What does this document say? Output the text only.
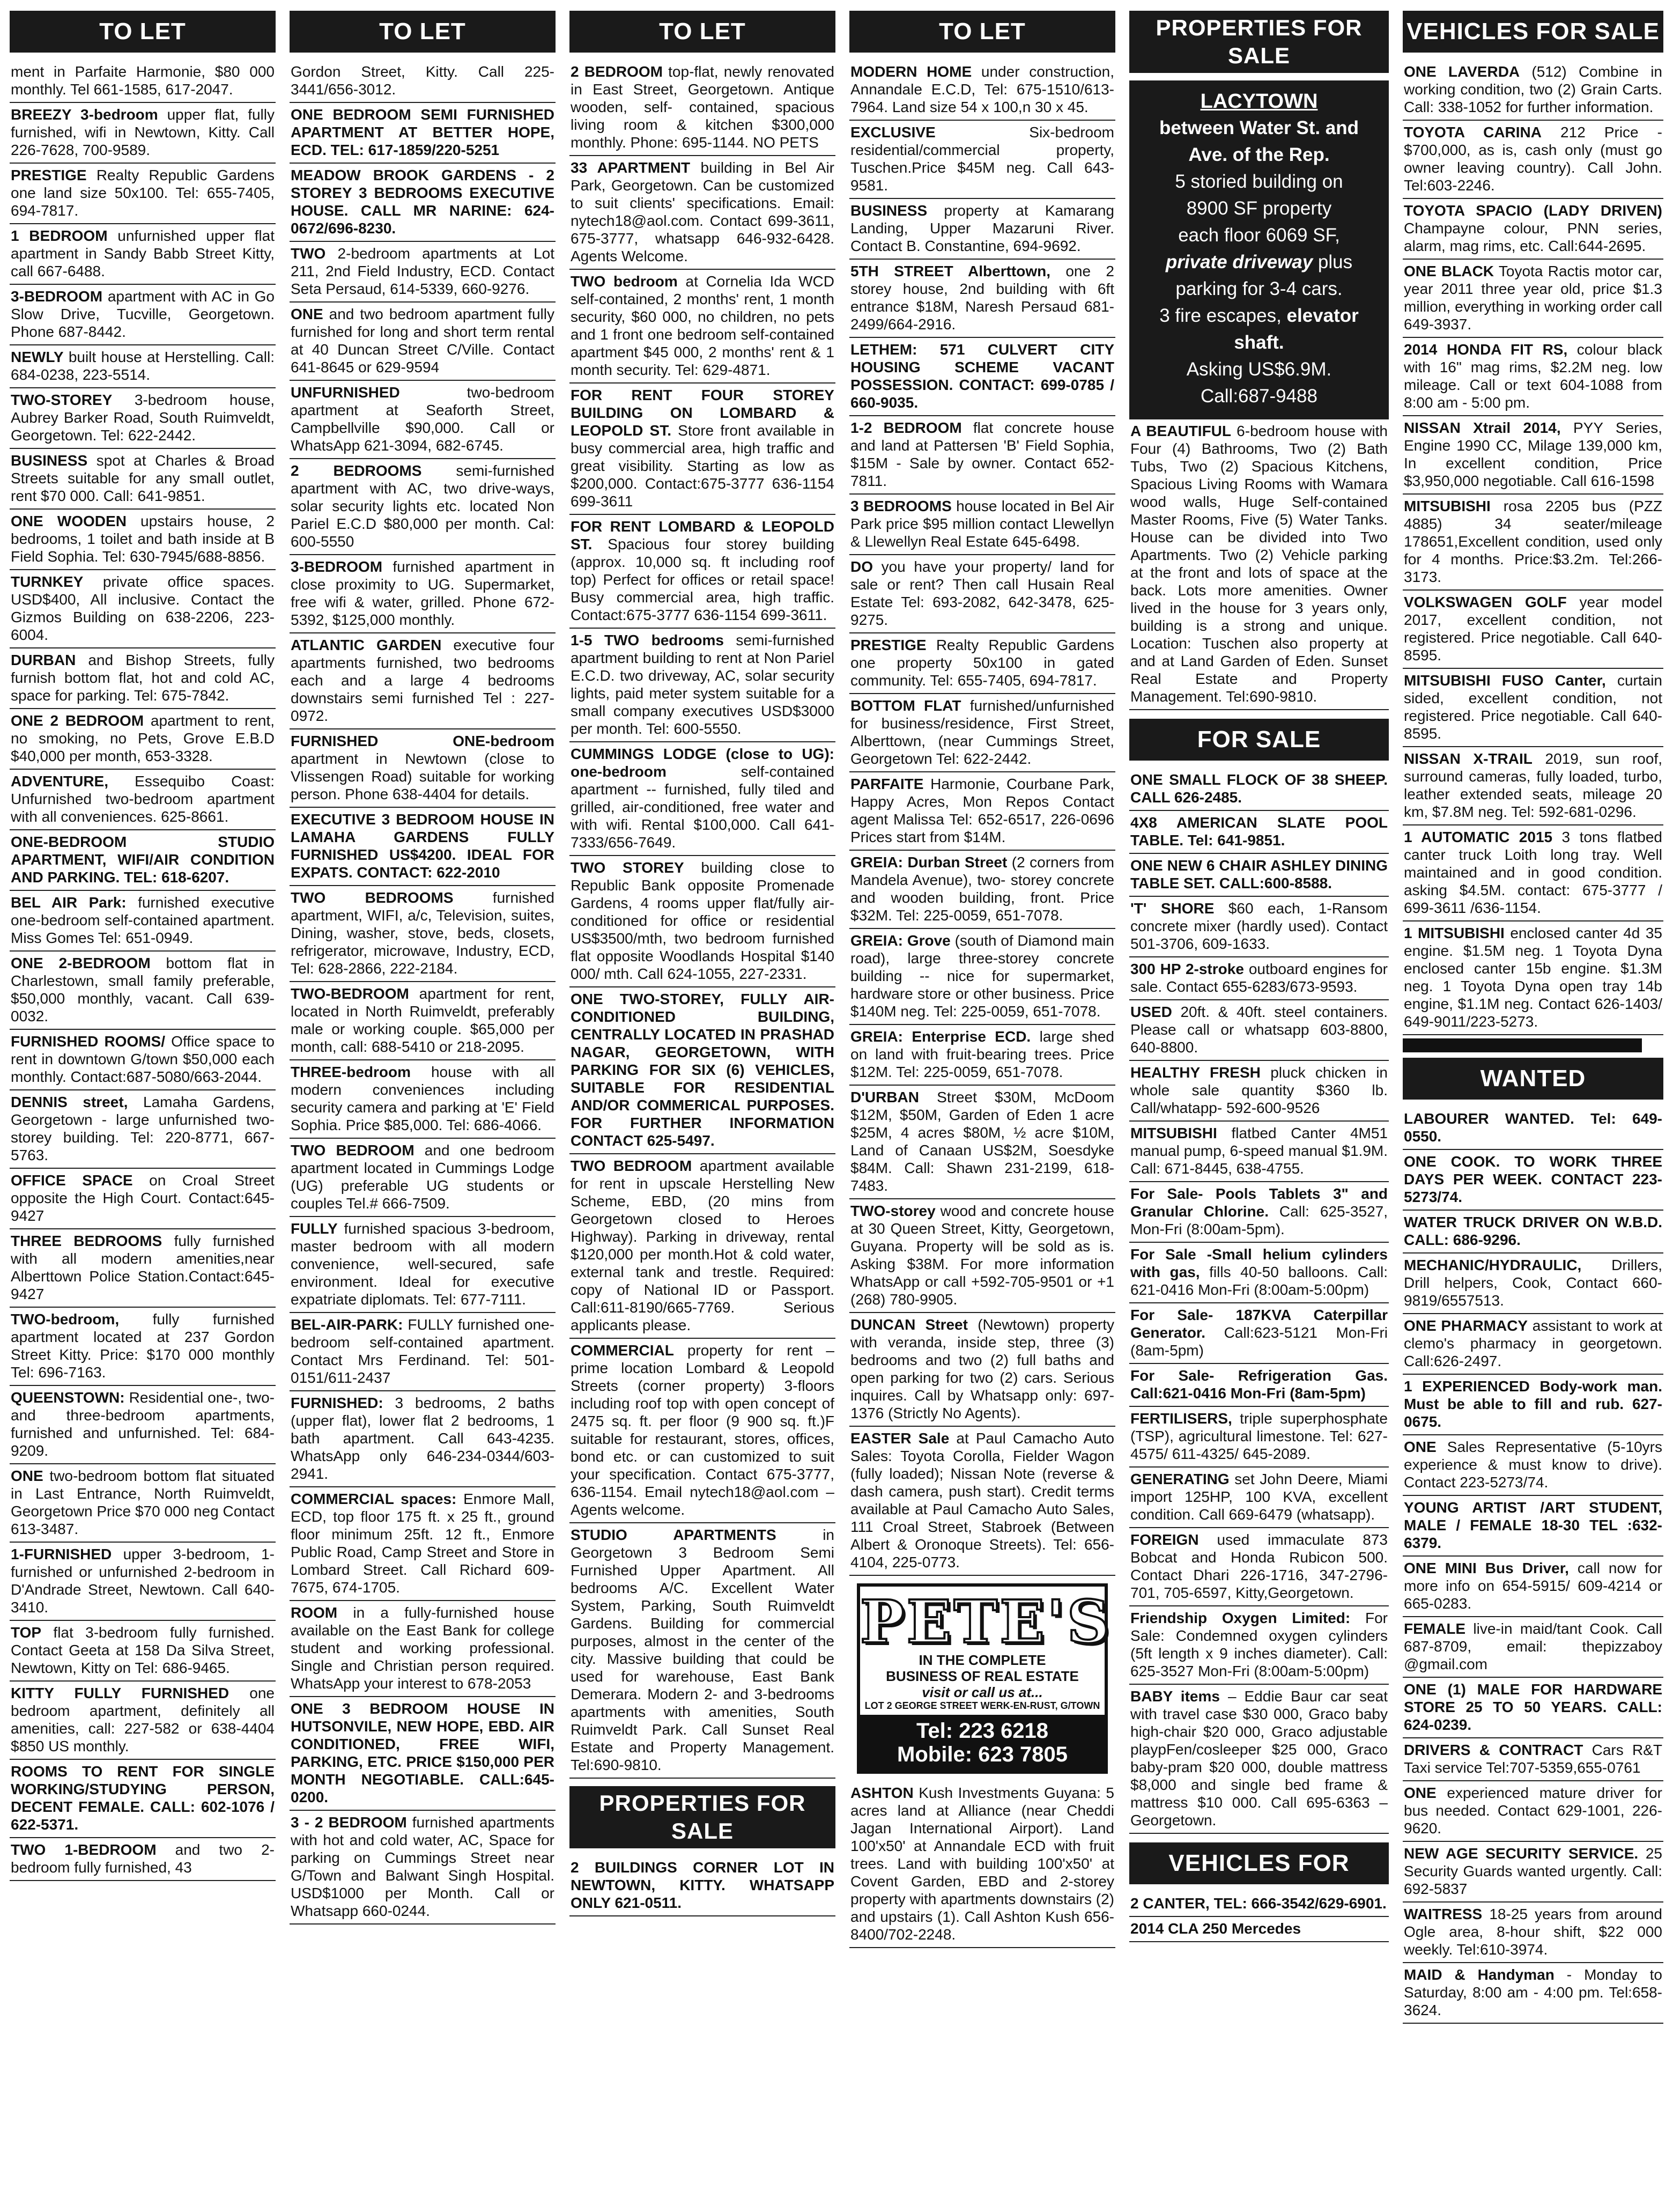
TO LET
ment in Parfaite Harmonie, $80 000 monthly. Tel 661-1585, 617-2047.
BREEZY 3-bedroom upper flat, fully furnished, wifi in Newtown, Kitty. Call 226-7628, 700-9589.
PRESTIGE Realty Republic Gardens one land size 50x100. Tel: 655-7405, 694-7817.
1 BEDROOM unfurnished upper flat apartment in Sandy Babb Street Kitty, call 667-6488.
3-BEDROOM apartment with AC in Go Slow Drive, Tucville, Georgetown. Phone 687-8442.
NEWLY built house at Herstelling. Call: 684-0238, 223-5514.
TWO-STOREY 3-bedroom house, Aubrey Barker Road, South Ruimveldt, Georgetown. Tel: 622-2442.
BUSINESS spot at Charles & Broad Streets suitable for any small outlet, rent $70 000. Call: 641-9851.
ONE WOODEN upstairs house, 2 bedrooms, 1 toilet and bath inside at B Field Sophia. Tel: 630-7945/688-8856.
TURNKEY private office spaces. USD$400, All inclusive. Contact the Gizmos Building on 638-2206, 223-6004.
DURBAN and Bishop Streets, fully furnish bottom flat, hot and cold AC, space for parking. Tel: 675-7842.
ONE 2 BEDROOM apartment to rent, no smoking, no Pets, Grove E.B.D $40,000 per month, 653-3328.
ADVENTURE, Essequibo Coast: Unfurnished two-bedroom apartment with all conveniences. 625-8661.
ONE-BEDROOM STUDIO APARTMENT, WIFI/AIR CONDITION AND PARKING. TEL: 618-6207.
BEL AIR Park: furnished executive one-bedroom self-contained apartment. Miss Gomes Tel: 651-0949.
ONE 2-BEDROOM bottom flat in Charlestown, small family preferable, $50,000 monthly, vacant. Call 639-0032.
FURNISHED ROOMS/ Office space to rent in downtown G/town $50,000 each monthly. Contact:687-5080/663-2044.
DENNIS street, Lamaha Gardens, Georgetown - large unfurnished two-storey building. Tel: 220-8771, 667-5763.
OFFICE SPACE on Croal Street opposite the High Court. Contact:645-9427
THREE BEDROOMS fully furnished with all modern amenities,near Alberttown Police Station.Contact:645-9427
TWO-bedroom, fully furnished apartment located at 237 Gordon Street Kitty. Price: $170 000 monthly Tel: 696-7163.
QUEENSTOWN: Residential one-, two- and three-bedroom apartments, furnished and unfurnished. Tel: 684-9209.
ONE two-bedroom bottom flat situated in Last Entrance, North Ruimveldt, Georgetown Price $70 000 neg Contact 613-3487.
1-FURNISHED upper 3-bedroom, 1-furnished or unfurnished 2-bedroom in D'Andrade Street, Newtown. Call 640-3410.
TOP flat 3-bedroom fully furnished. Contact Geeta at 158 Da Silva Street, Newtown, Kitty on Tel: 686-9465.
KITTY FULLY FURNISHED one bedroom apartment, definitely all amenities, call: 227-582 or 638-4404 $850 US monthly.
ROOMS TO RENT FOR SINGLE WORKING/STUDYING PERSON, DECENT FEMALE. CALL: 602-1076 / 622-5371.
TWO 1-BEDROOM and two 2-bedroom fully furnished, 43
TO LET
Gordon Street, Kitty. Call 225-3441/656-3012.
ONE BEDROOM SEMI FURNISHED APARTMENT AT BETTER HOPE, ECD. TEL: 617-1859/220-5251
MEADOW BROOK GARDENS - 2 STOREY 3 BEDROOMS EXECUTIVE HOUSE. CALL MR NARINE: 624-0672/696-8230.
TWO 2-bedroom apartments at Lot 211, 2nd Field Industry, ECD. Contact Seta Persaud, 614-5339, 660-9276.
ONE and two bedroom apartment fully furnished for long and short term rental at 40 Duncan Street C/Ville. Contact 641-8645 or 629-9594
UNFURNISHED two-bedroom apartment at Seaforth Street, Campbellville $90,000. Call or WhatsApp 621-3094, 682-6745.
2 BEDROOMS semi-furnished apartment with AC, two drive-ways, solar security lights etc. located Non Pariel E.C.D $80,000 per month. Cal: 600-5550
3-BEDROOM furnished apartment in close proximity to UG. Supermarket, free wifi & water, grilled. Phone 672-5392, $125,000 monthly.
ATLANTIC GARDEN executive four apartments furnished, two bedrooms each and a large 4 bedrooms downstairs semi furnished Tel : 227-0972.
FURNISHED ONE-bedroom apartment in Newtown (close to Vlissengen Road) suitable for working person. Phone 638-4404 for details.
EXECUTIVE 3 BEDROOM HOUSE IN LAMAHA GARDENS FULLY FURNISHED US$4200. IDEAL FOR EXPATS. CONTACT: 622-2010
TWO BEDROOMS furnished apartment, WIFI, a/c, Television, suites, Dining, washer, stove, beds, closets, refrigerator, microwave, Industry, ECD, Tel: 628-2866, 222-2184.
TWO-BEDROOM apartment for rent, located in North Ruimveldt, preferably male or working couple. $65,000 per month, call: 688-5410 or 218-2095.
THREE-bedroom house with all modern conveniences including security camera and parking at 'E' Field Sophia. Price $85,000. Tel: 686-4066.
TWO BEDROOM and one bedroom apartment located in Cummings Lodge (UG) preferable UG students or couples Tel.# 666-7509.
FULLY furnished spacious 3-bedroom, master bedroom with all modern convenience, well-secured, safe environment. Ideal for executive expatriate diplomats. Tel: 677-7111.
BEL-AIR-PARK: FULLY furnished one-bedroom self-contained apartment. Contact Mrs Ferdinand. Tel: 501-0151/611-2437
FURNISHED: 3 bedrooms, 2 baths (upper flat), lower flat 2 bedrooms, 1 bath apartment. Call 643-4235. WhatsApp only 646-234-0344/603-2941.
COMMERCIAL spaces: Enmore Mall, ECD, top floor 175 ft. x 25 ft., ground floor minimum 25ft. 12 ft., Enmore Public Road, Camp Street and Store in Lombard Street. Call Richard 609-7675, 674-1705.
ROOM in a fully-furnished house available on the East Bank for college student and working professional. Single and Christian person required. WhatsApp your interest to 678-2053
ONE 3 BEDROOM HOUSE IN HUTSONVILE, NEW HOPE, EBD. AIR CONDITIONED, FREE WIFI, PARKING, ETC. PRICE $150,000 PER MONTH NEGOTIABLE. CALL:645-0200.
3 - 2 BEDROOM furnished apartments with hot and cold water, AC, Space for parking on Cummings Street near G/Town and Balwant Singh Hospital. USD$1000 per Month. Call or Whatsapp 660-0244.
TO LET
2 BEDROOM top-flat, newly renovated in East Street, Georgetown. Antique wooden, self- contained, spacious living room & kitchen $300,000 monthly. Phone: 695-1144. NO PETS
33 APARTMENT building in Bel Air Park, Georgetown. Can be customized to suit clients' specifications. Email: nytech18@aol.com. Contact 699-3611, 675-3777, whatsapp 646-932-6428. Agents Welcome.
TWO bedroom at Cornelia Ida WCD self-contained, 2 months' rent, 1 month security, $60 000, no children, no pets and 1 front one bedroom self-contained apartment $45 000, 2 months' rent & 1 month security. Tel: 629-4871.
FOR RENT FOUR STOREY BUILDING ON LOMBARD & LEOPOLD ST. Store front available in busy commercial area, high traffic and great visibility. Starting as low as $200,000. Contact:675-3777 636-1154 699-3611
FOR RENT LOMBARD & LEOPOLD ST. Spacious four storey building (approx. 10,000 sq. ft including roof top) Perfect for offices or retail space! Busy commercial area, high traffic. Contact:675-3777 636-1154 699-3611.
1-5 TWO bedrooms semi-furnished apartment building to rent at Non Pariel E.C.D. two driveway, AC, solar security lights, paid meter system suitable for a small company executives USD$3000 per month. Tel: 600-5550.
CUMMINGS LODGE (close to UG): one-bedroom self-contained apartment -- furnished, fully tiled and grilled, air-conditioned, free water and with wifi. Rental $100,000. Call 641-7333/656-7649.
TWO STOREY building close to Republic Bank opposite Promenade Gardens, 4 rooms upper flat/fully air-conditioned for office or residential US$3500/mth, two bedroom furnished flat opposite Woodlands Hospital $140 000/ mth. Call 624-1055, 227-2331.
ONE TWO-STOREY, FULLY AIR-CONDITIONED BUILDING, CENTRALLY LOCATED IN PRASHAD NAGAR, GEORGETOWN, WITH PARKING FOR SIX (6) VEHICLES, SUITABLE FOR RESIDENTIAL AND/OR COMMERICAL PURPOSES. FOR FURTHER INFORMATION CONTACT 625-5497.
TWO BEDROOM apartment available for rent in upscale Herstelling New Scheme, EBD, (20 mins from Georgetown closed to Heroes Highway). Parking in driveway, rental $120,000 per month.Hot & cold water, external tank and trestle. Required: copy of National ID or Passport. Call:611-8190/665-7769. Serious applicants please.
COMMERCIAL property for rent – prime location Lombard & Leopold Streets (corner property) 3-floors including roof top with open concept of 2475 sq. ft. per floor (9 900 sq. ft.)F suitable for restaurant, stores, offices, bond etc. or can customized to suit your specification. Contact 675-3777, 636-1154. Email nytech18@aol.com – Agents welcome.
STUDIO APARTMENTS in Georgetown 3 Bedroom Semi Furnished Upper Apartment. All bedrooms A/C. Excellent Water System, Parking, South Ruimveldt Gardens. Building for commercial purposes, almost in the center of the city. Massive building that could be used for warehouse, East Bank Demerara. Modern 2- and 3-bedrooms apartments with amenities, South Ruimveldt Park. Call Sunset Real Estate and Property Management. Tel:690-9810.
PROPERTIES FOR SALE
2 BUILDINGS CORNER LOT IN NEWTOWN, KITTY. WHATSAPP ONLY 621-0511.
TO LET
MODERN HOME under construction, Annandale E.C.D, Tel: 675-1510/613-7964. Land size 54 x 100,n 30 x 45.
EXCLUSIVE Six-bedroom residential/commercial property, Tuschen.Price $45M neg. Call 643-9581.
BUSINESS property at Kamarang Landing, Upper Mazaruni River. Contact B. Constantine, 694-9692.
5TH STREET Alberttown, one 2 storey house, 2nd building with 6ft entrance $18M, Naresh Persaud 681-2499/664-2916.
LETHEM: 571 CULVERT CITY HOUSING SCHEME VACANT POSSESSION. CONTACT: 699-0785 / 660-9035.
1-2 BEDROOM flat concrete house and land at Pattersen 'B' Field Sophia, $15M - Sale by owner. Contact 652-7811.
3 BEDROOMS house located in Bel Air Park price $95 million contact Llewellyn & Llewellyn Real Estate 645-6498.
DO you have your property/ land for sale or rent? Then call Husain Real Estate Tel: 693-2082, 642-3478, 625-9275.
PRESTIGE Realty Republic Gardens one property 50x100 in gated community. Tel: 655-7405, 694-7817.
BOTTOM FLAT furnished/unfurnished for business/residence, First Street, Alberttown, (near Cummings Street, Georgetown Tel: 622-2442.
PARFAITE Harmonie, Courbane Park, Happy Acres, Mon Repos Contact agent Malissa Tel: 652-6517, 226-0696 Prices start from $14M.
GREIA: Durban Street (2 corners from Mandela Avenue), two- storey concrete and wooden building, front. Price $32M. Tel: 225-0059, 651-7078.
GREIA: Grove (south of Diamond main road), large three-storey concrete building -- nice for supermarket, hardware store or other business. Price $140M neg. Tel: 225-0059, 651-7078.
GREIA: Enterprise ECD. large shed on land with fruit-bearing trees. Price $12M. Tel: 225-0059, 651-7078.
D'URBAN Street $30M, McDoom $12M, $50M, Garden of Eden 1 acre $25M, 4 acres $80M, ½ acre $10M, Land of Canaan US$2M, Soesdyke $84M. Call: Shawn 231-2199, 618-7483.
TWO-storey wood and concrete house at 30 Queen Street, Kitty, Georgetown, Guyana. Property will be sold as is. Asking $38M. For more information WhatsApp or call +592-705-9501 or +1 (268) 780-9905.
DUNCAN Street (Newtown) property with veranda, inside step, three (3) bedrooms and two (2) full baths and open parking for two (2) cars. Serious inquires. Call by Whatsapp only: 697-1376 (Strictly No Agents).
EASTER Sale at Paul Camacho Auto Sales: Toyota Corolla, Fielder Wagon (fully loaded); Nissan Note (reverse & dash camera, push start). Credit terms available at Paul Camacho Auto Sales, 111 Croal Street, Stabroek (Between Albert & Oronoque Streets). Tel: 656-4104, 225-0773.
PETE'S
IN THE COMPLETE
BUSINESS OF REAL ESTATE
visit or call us at...
LOT 2 GEORGE STREET WERK-EN-RUST, G/TOWN
Tel: 223 6218
Mobile: 623 7805
ASHTON Kush Investments Guyana: 5 acres land at Alliance (near Cheddi Jagan International Airport). Land 100'x50' at Annandale ECD with fruit trees. Land with building 100'x50' at Covent Garden, EBD and 2-storey property with apartments downstairs (2) and upstairs (1). Call Ashton Kush 656-8400/702-2248.
PROPERTIES FOR SALE
LACYTOWN
between Water St. and
Ave. of the Rep.
5 storied building on
8900 SF property
each floor 6069 SF,
private driveway plus
parking for 3-4 cars.
3 fire escapes, elevator shaft.
Asking US$6.9M.
Call:687-9488
A BEAUTIFUL 6-bedroom house with Four (4) Bathrooms, Two (2) Bath Tubs, Two (2) Spacious Kitchens, Spacious Living Rooms with Wamara wood walls, Huge Self-contained Master Rooms, Five (5) Water Tanks. House can be divided into Two Apartments. Two (2) Vehicle parking at the front and lots of space at the back. Lots more amenities. Owner lived in the house for 3 years only, building is a strong and unique. Location: Tuschen also property at and at Land Garden of Eden. Sunset Real Estate and Property Management. Tel:690-9810.
FOR SALE
ONE SMALL FLOCK OF 38 SHEEP. CALL 626-2485.
4X8 AMERICAN SLATE POOL TABLE. Tel: 641-9851.
ONE NEW 6 CHAIR ASHLEY DINING TABLE SET. CALL:600-8588.
'T' SHORE $60 each, 1-Ransom concrete mixer (hardly used). Contact 501-3706, 609-1633.
300 HP 2-stroke outboard engines for sale. Contact 655-6283/673-9593.
USED 20ft. & 40ft. steel containers. Please call or whatsapp 603-8800, 640-8800.
HEALTHY FRESH pluck chicken in whole sale quantity $360 lb. Call/whatapp- 592-600-9526
MITSUBISHI flatbed Canter 4M51 manual pump, 6-speed manual $1.9M. Call: 671-8445, 638-4755.
For Sale- Pools Tablets 3" and Granular Chlorine. Call: 625-3527, Mon-Fri (8:00am-5pm).
For Sale -Small helium cylinders with gas, fills 40-50 balloons. Call: 621-0416 Mon-Fri (8:00am-5:00pm)
For Sale- 187KVA Caterpillar Generator. Call:623-5121 Mon-Fri (8am-5pm)
For Sale- Refrigeration Gas. Call:621-0416 Mon-Fri (8am-5pm)
FERTILISERS, triple superphosphate (TSP), agricultural limestone. Tel: 627-4575/ 611-4325/ 645-2089.
GENERATING set John Deere, Miami import 125HP, 100 KVA, excellent condition. Call 669-6479 (whatsapp).
FOREIGN used immaculate 873 Bobcat and Honda Rubicon 500. Contact Dhari 226-1716, 347-2796-701, 705-6597, Kitty,Georgetown.
Friendship Oxygen Limited: For Sale: Condemned oxygen cylinders (5ft length x 9 inches diameter). Call: 625-3527 Mon-Fri (8:00am-5:00pm)
BABY items – Eddie Baur car seat with travel case $30 000, Graco baby high-chair $20 000, Graco adjustable playpFen/cosleeper $25 000, Graco baby-pram $20 000, double mattress $8,000 and single bed frame & mattress $10 000. Call 695-6363 – Georgetown.
VEHICLES FOR
2 CANTER, TEL: 666-3542/629-6901.
2014 CLA 250 Mercedes
VEHICLES FOR SALE
ONE LAVERDA (512) Combine in working condition, two (2) Grain Carts. Call: 338-1052 for further information.
TOYOTA CARINA 212 Price - $700,000, as is, cash only (must go owner leaving country). Call John. Tel:603-2246.
TOYOTA SPACIO (LADY DRIVEN) Champayne colour, PNN series, alarm, mag rims, etc. Call:644-2695.
ONE BLACK Toyota Ractis motor car, year 2011 three year old, price $1.3 million, everything in working order call 649-3937.
2014 HONDA FIT RS, colour black with 16" mag rims, $2.2M neg. low mileage. Call or text 604-1088 from 8:00 am - 5:00 pm.
NISSAN Xtrail 2014, PYY Series, Engine 1990 CC, Milage 139,000 km, In excellent condition, Price $3,950,000 negotiable. Call 616-1598
MITSUBISHI rosa 2205 bus (PZZ 4885) 34 seater/mileage 178651,Excellent condition, used only for 4 months. Price:$3.2m. Tel:266-3173.
VOLKSWAGEN GOLF year model 2017, excellent condition, not registered. Price negotiable. Call 640-8595.
MITSUBISHI FUSO Canter, curtain sided, excellent condition, not registered. Price negotiable. Call 640-8595.
NISSAN X-TRAIL 2019, sun roof, surround cameras, fully loaded, turbo, leather extended seats, mileage 20 km, $7.8M neg. Tel: 592-681-0296.
1 AUTOMATIC 2015 3 tons flatbed canter truck Loith long tray. Well maintained and in good condition. asking $4.5M. contact: 675-3777 / 699-3611 /636-1154.
1 MITSUBISHI enclosed canter 4d 35 engine. $1.5M neg. 1 Toyota Dyna enclosed canter 15b engine. $1.3M neg. 1 Toyota Dyna open tray 14b engine, $1.1M neg. Contact 626-1403/ 649-9011/223-5273.
WANTED
LABOURER WANTED. Tel: 649-0550.
ONE COOK. TO WORK THREE DAYS PER WEEK. CONTACT 223-5273/74.
WATER TRUCK DRIVER ON W.B.D. CALL: 686-9296.
MECHANIC/HYDRAULIC, Drillers, Drill helpers, Cook, Contact 660-9819/6557513.
ONE PHARMACY assistant to work at clemo's pharmacy in georgetown. Call:626-2497.
1 EXPERIENCED Body-work man. Must be able to fill and rub. 627-0675.
ONE Sales Representative (5-10yrs experience & must know to drive). Contact 223-5273/74.
YOUNG ARTIST /ART STUDENT, MALE / FEMALE 18-30 TEL :632-6379.
ONE MINI Bus Driver, call now for more info on 654-5915/ 609-4214 or 665-0283.
FEMALE live-in maid/tant Cook. Call 687-8709, email: thepizzaboy @gmail.com
ONE (1) MALE FOR HARDWARE STORE 25 TO 50 YEARS. CALL: 624-0239.
DRIVERS & CONTRACT Cars R&T Taxi service Tel:707-5359,655-0761
ONE experienced mature driver for bus needed. Contact 629-1001, 226-9620.
NEW AGE SECURITY SERVICE. 25 Security Guards wanted urgently. Call: 692-5837
WAITRESS 18-25 years from around Ogle area, 8-hour shift, $22 000 weekly. Tel:610-3974.
MAID & Handyman - Monday to Saturday, 8:00 am - 4:00 pm. Tel:658-3624.
